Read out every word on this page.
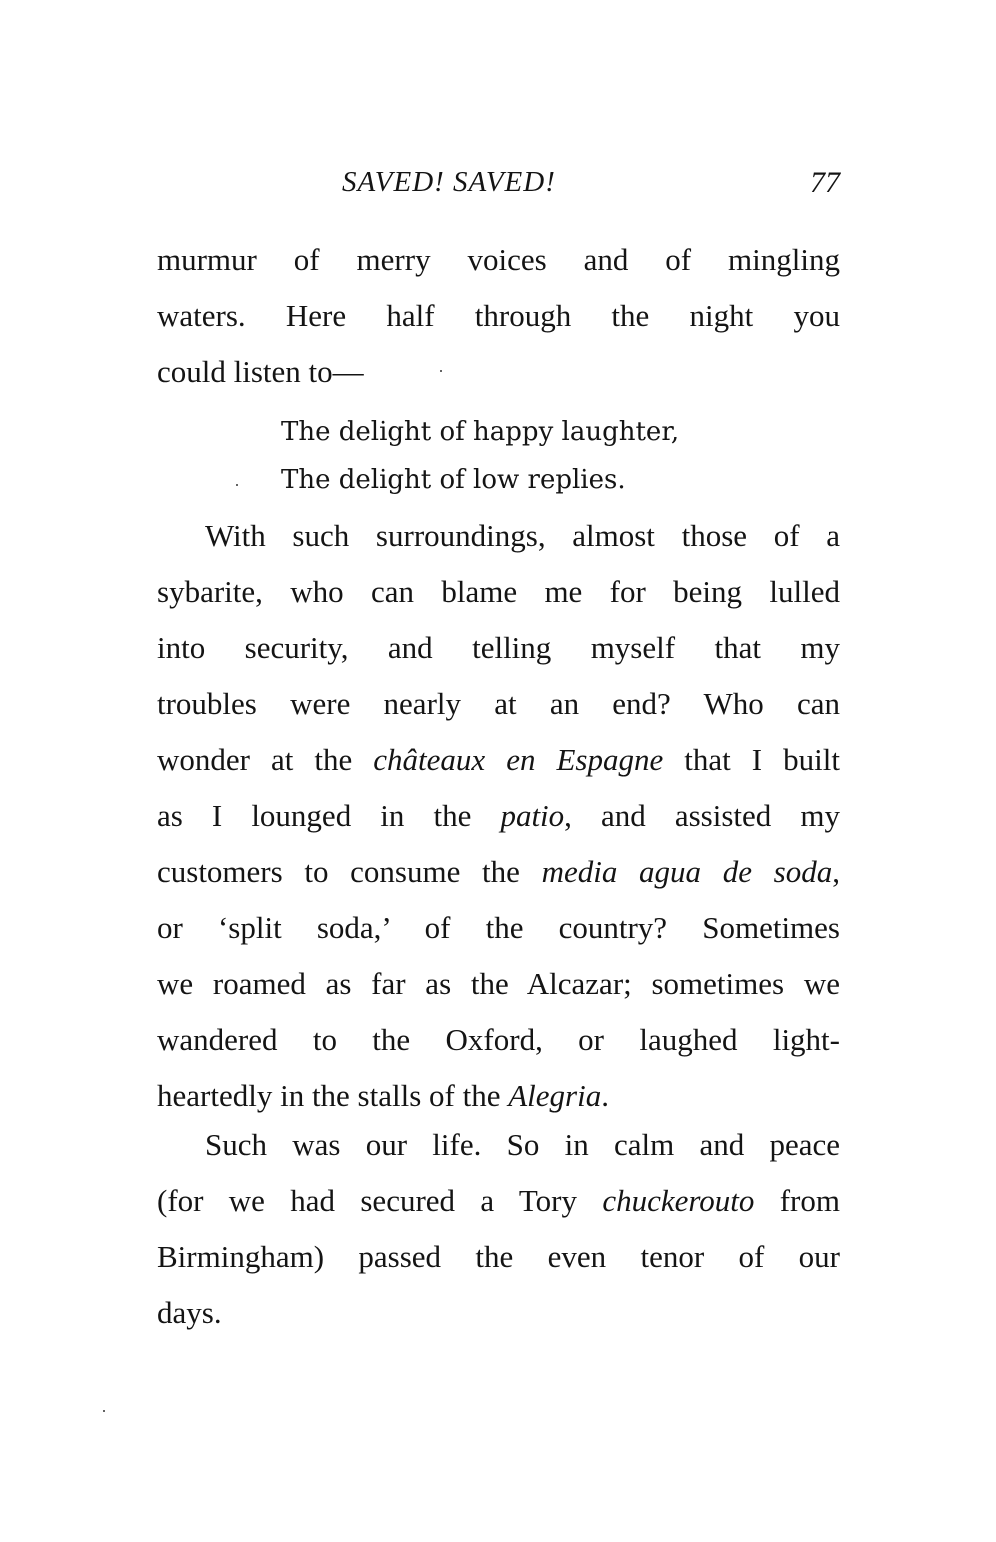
SAVED! SAVED!	77
murmur of merry voices and of mingling
waters. Here half through the night you
could listen to—
The delight of happy laughter,
The delight of low replies.
With such surroundings, almost those of a
sybarite, who can blame me for being lulled
into security, and telling myself that my
troubles were nearly at an end? Who can
wonder at the châteaux en Espagne that I built
as I lounged in the patio, and assisted my
customers to consume the media agua de soda,
or ‘split soda,’ of the country? Sometimes
we roamed as far as the Alcazar; sometimes we
wandered to the Oxford, or laughed light-
heartedly in the stalls of the Alegria.
Such was our life. So in calm and peace
(for we had secured a Tory chuckerouto from
Birmingham) passed the even tenor of our
days.
